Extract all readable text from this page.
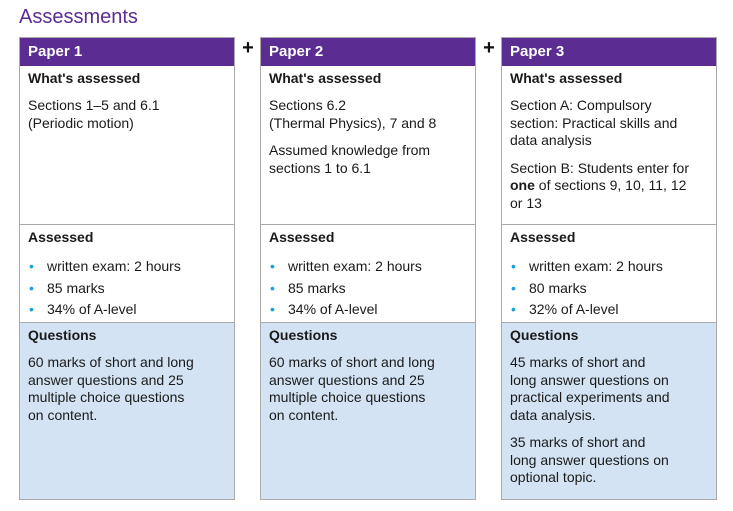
Assessments
Paper 1
What's assessed
Sections 1–5 and 6.1
(Periodic motion)
Assessed
• written exam: 2 hours
• 85 marks
• 34% of A-level
Questions
60 marks of short and long
answer questions and 25
multiple choice questions
on content.
+	Paper 2
What's assessed
Sections 6.2
(Thermal Physics), 7 and 8
Assumed knowledge from
sections 1 to 6.1
Assessed
• written exam: 2 hours
• 85 marks
• 34% of A-level
Questions
60 marks of short and long
answer questions and 25
multiple choice questions
on content.
+	Paper 3
What's assessed
Section A: Compulsory
section: Practical skills and
data analysis
Section B: Students enter for
one of sections 9, 10, 11, 12
or 13
Assessed
• written exam: 2 hours
• 80 marks
• 32% of A-level
Questions
45 marks of short and
long answer questions on
practical experiments and
data analysis.
35 marks of short and
long answer questions on
optional topic.
